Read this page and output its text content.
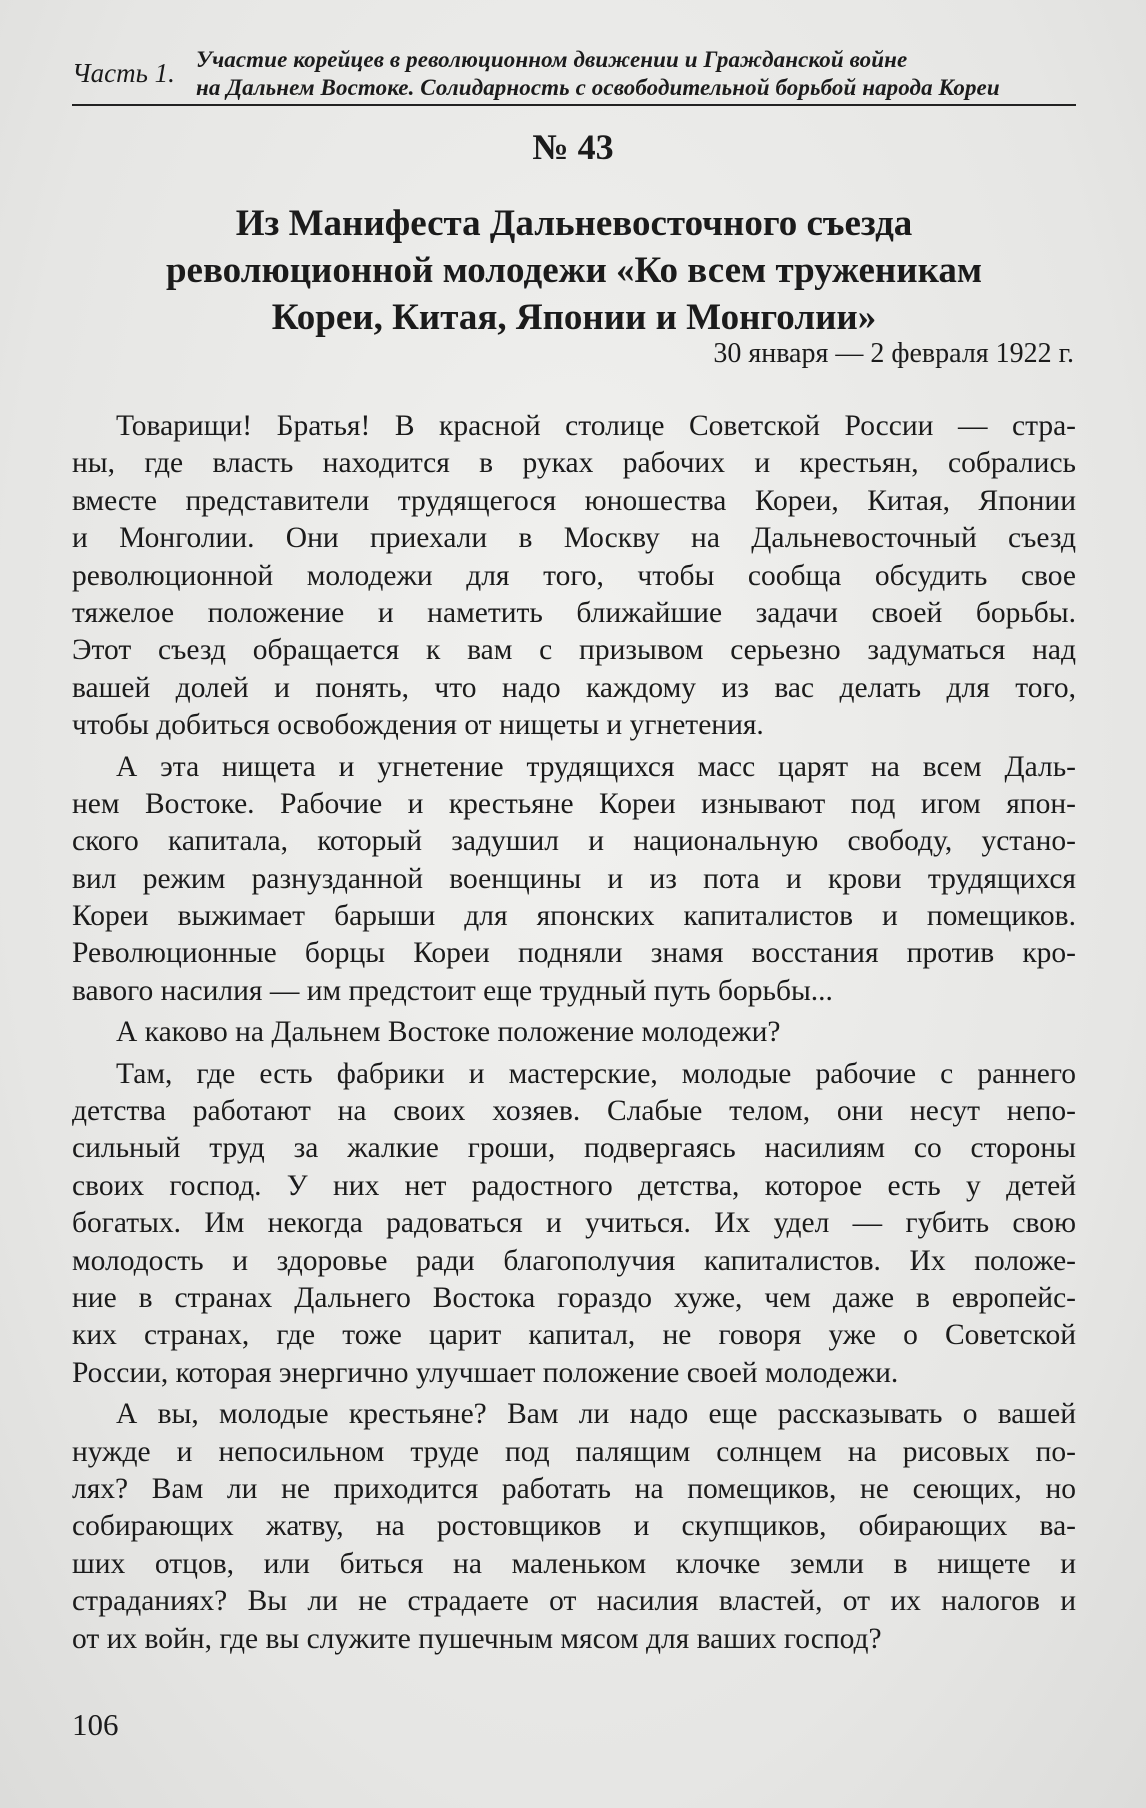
Часть 1. Участие корейцев в революционном движении и Гражданской войне
на Дальнем Востоке. Солидарность с освободительной борьбой народа Кореи
№ 43
Из Манифеста Дальневосточного съезда
революционной молодежи «Ко всем труженикам
Кореи, Китая, Японии и Монголии»
30 января — 2 февраля 1922 г.
Товарищи! Братья! В красной столице Советской России — стра-
ны, где власть находится в руках рабочих и крестьян, собрались
вместе представители трудящегося юношества Кореи, Китая, Японии
и Монголии. Они приехали в Москву на Дальневосточный съезд
революционной молодежи для того, чтобы сообща обсудить свое
тяжелое положение и наметить ближайшие задачи своей борьбы.
Этот съезд обращается к вам с призывом серьезно задуматься над
вашей долей и понять, что надо каждому из вас делать для того,
чтобы добиться освобождения от нищеты и угнетения.
А эта нищета и угнетение трудящихся масс царят на всем Даль-
нем Востоке. Рабочие и крестьяне Кореи изнывают под игом япон-
ского капитала, который задушил и национальную свободу, устано-
вил режим разнузданной военщины и из пота и крови трудящихся
Кореи выжимает барыши для японских капиталистов и помещиков.
Революционные борцы Кореи подняли знамя восстания против кро-
вавого насилия — им предстоит еще трудный путь борьбы...
А каково на Дальнем Востоке положение молодежи?
Там, где есть фабрики и мастерские, молодые рабочие с раннего
детства работают на своих хозяев. Слабые телом, они несут непо-
сильный труд за жалкие гроши, подвергаясь насилиям со стороны
своих господ. У них нет радостного детства, которое есть у детей
богатых. Им некогда радоваться и учиться. Их удел — губить свою
молодость и здоровье ради благополучия капиталистов. Их положе-
ние в странах Дальнего Востока гораздо хуже, чем даже в европейс-
ких странах, где тоже царит капитал, не говоря уже о Советской
России, которая энергично улучшает положение своей молодежи.
А вы, молодые крестьяне? Вам ли надо еще рассказывать о вашей
нужде и непосильном труде под палящим солнцем на рисовых по-
лях? Вам ли не приходится работать на помещиков, не сеющих, но
собирающих жатву, на ростовщиков и скупщиков, обирающих ва-
ших отцов, или биться на маленьком клочке земли в нищете и
страданиях? Вы ли не страдаете от насилия властей, от их налогов и
от их войн, где вы служите пушечным мясом для ваших господ?
106
